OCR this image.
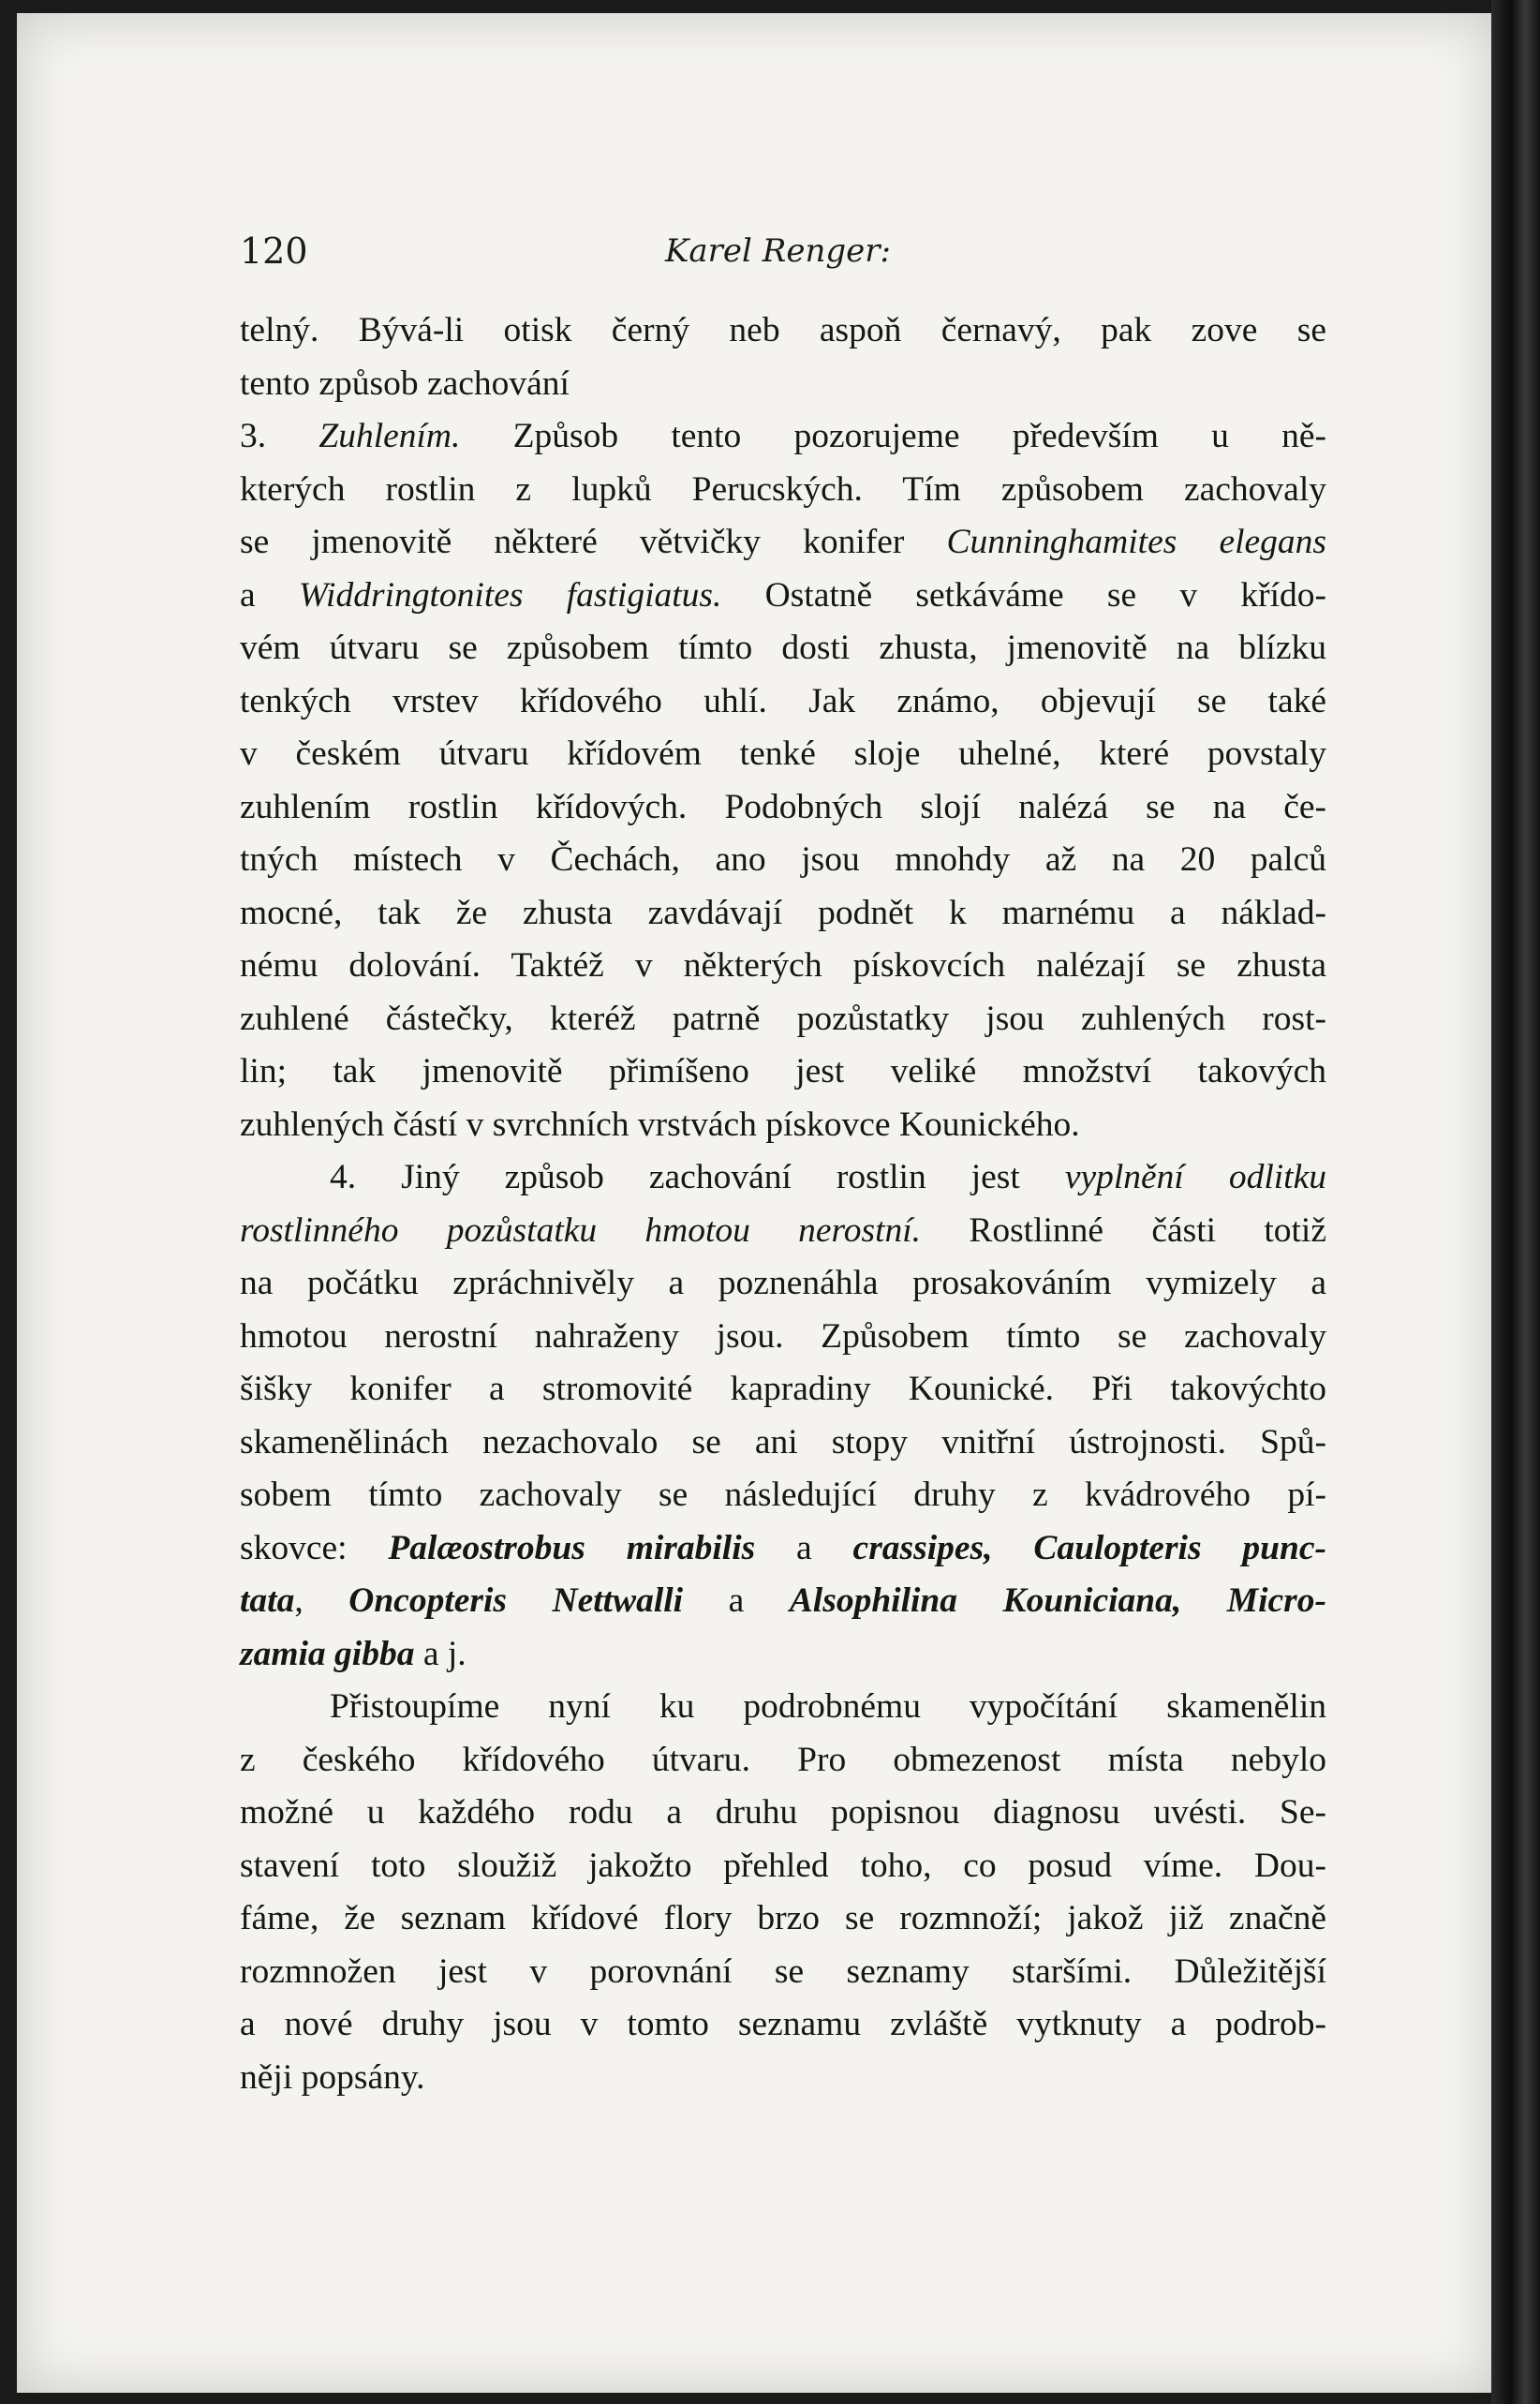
120	Karel Renger:
telný. Bývá-li otisk černý neb aspoň černavý, pak zove se
tento způsob zachování
3. Zuhlením. Způsob tento pozorujeme především u ně-
kterých rostlin z lupků Perucských. Tím způsobem zachovaly
se jmenovitě některé větvičky konifer Cunninghamites elegans
a Widdringtonites fastigiatus. Ostatně setkáváme se v křído-
vém útvaru se způsobem tímto dosti zhusta, jmenovitě na blízku
tenkých vrstev křídového uhlí. Jak známo, objevují se také
v českém útvaru křídovém tenké sloje uhelné, které povstaly
zuhlením rostlin křídových. Podobných slojí nalézá se na če-
tných místech v Čechách, ano jsou mnohdy až na 20 palců
mocné, tak že zhusta zavdávají podnět k marnému a náklad-
nému dolování. Taktéž v některých pískovcích nalézají se zhusta
zuhlené částečky, kteréž patrně pozůstatky jsou zuhlených rost-
lin; tak jmenovitě přimíšeno jest veliké množství takových
zuhlených částí v svrchních vrstvách pískovce Kounického.
4. Jiný způsob zachování rostlin jest vyplnění odlitku
rostlinného pozůstatku hmotou nerostní. Rostlinné části totiž
na počátku zpráchnivěly a poznenáhla prosakováním vymizely a
hmotou nerostní nahraženy jsou. Způsobem tímto se zachovaly
šišky konifer a stromovité kapradiny Kounické. Při takovýchto
skamenělinách nezachovalo se ani stopy vnitřní ústrojnosti. Spů-
sobem tímto zachovaly se následující druhy z kvádrového pí-
skovce: Palæostrobus mirabilis a crassipes, Caulopteris punc-
tata, Oncopteris Nettwalli a Alsophilina Kouniciana, Micro-
zamia gibba a j.
Přistoupíme nyní ku podrobnému vypočítání skamenělin
z českého křídového útvaru. Pro obmezenost místa nebylo
možné u každého rodu a druhu popisnou diagnosu uvésti. Se-
stavení toto sloužiž jakožto přehled toho, co posud víme. Dou-
fáme, že seznam křídové flory brzo se rozmnoží; jakož již značně
rozmnožen jest v porovnání se seznamy staršími. Důležitější
a nové druhy jsou v tomto seznamu zvláště vytknuty a podrob-
něji popsány.
